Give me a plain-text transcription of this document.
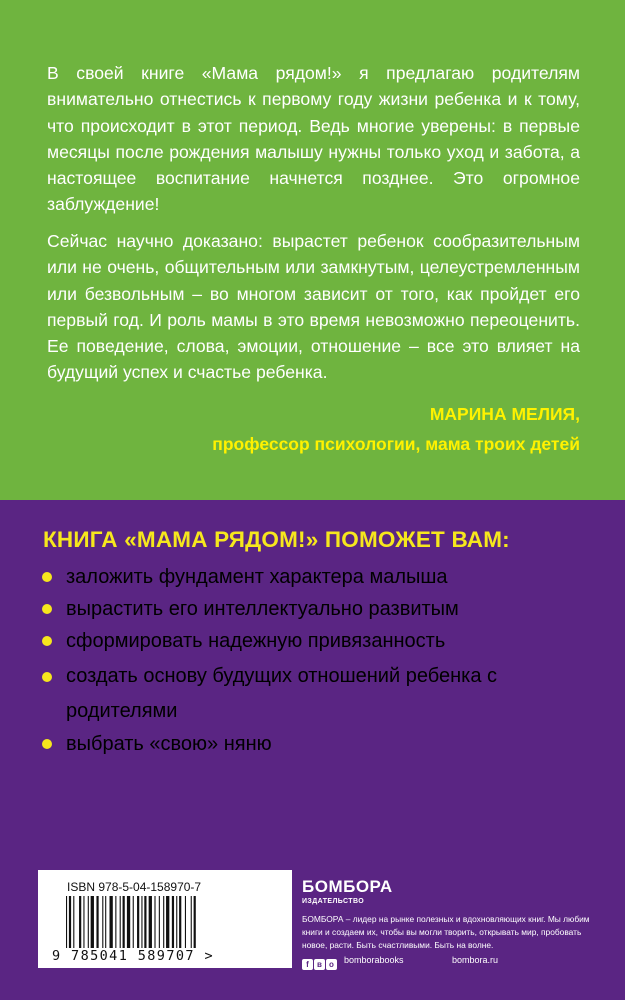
В своей книге «Мама рядом!» я предлагаю родителям внимательно отнестись к первому году жизни ребенка и к тому, что происходит в этот период. Ведь многие уверены: в первые месяцы после рождения малышу нужны только уход и забота, а настоящее воспитание начнется позднее. Это огромное заблуждение!

Сейчас научно доказано: вырастет ребенок сообразительным или не очень, общительным или замкнутым, целеустремленным или безвольным – во многом зависит от того, как пройдет его первый год. И роль мамы в это время невозможно переоценить. Ее поведение, слова, эмоции, отношение – все это влияет на будущий успех и счастье ребенка.

МАРИНА МЕЛИЯ,
профессор психологии, мама троих детей
КНИГА «МАМА РЯДОМ!» ПОМОЖЕТ ВАМ:
заложить фундамент характера малыша
вырастить его интеллектуально развитым
сформировать надежную привязанность
создать основу будущих отношений ребенка с родителями
выбрать «свою» няню
ISBN 978-5-04-158970-7
9 785041 589707 >
БОМБОРА
ИЗДАТЕЛЬСТВО
БОМБОРА – лидер на рынке полезных и вдохновляющих книг. Мы любим книги и создаем их, чтобы вы могли творить, открывать мир, пробовать новое, расти. Быть счастливыми. Быть на волне.
f в о	bomborabooks	bombora.ru
